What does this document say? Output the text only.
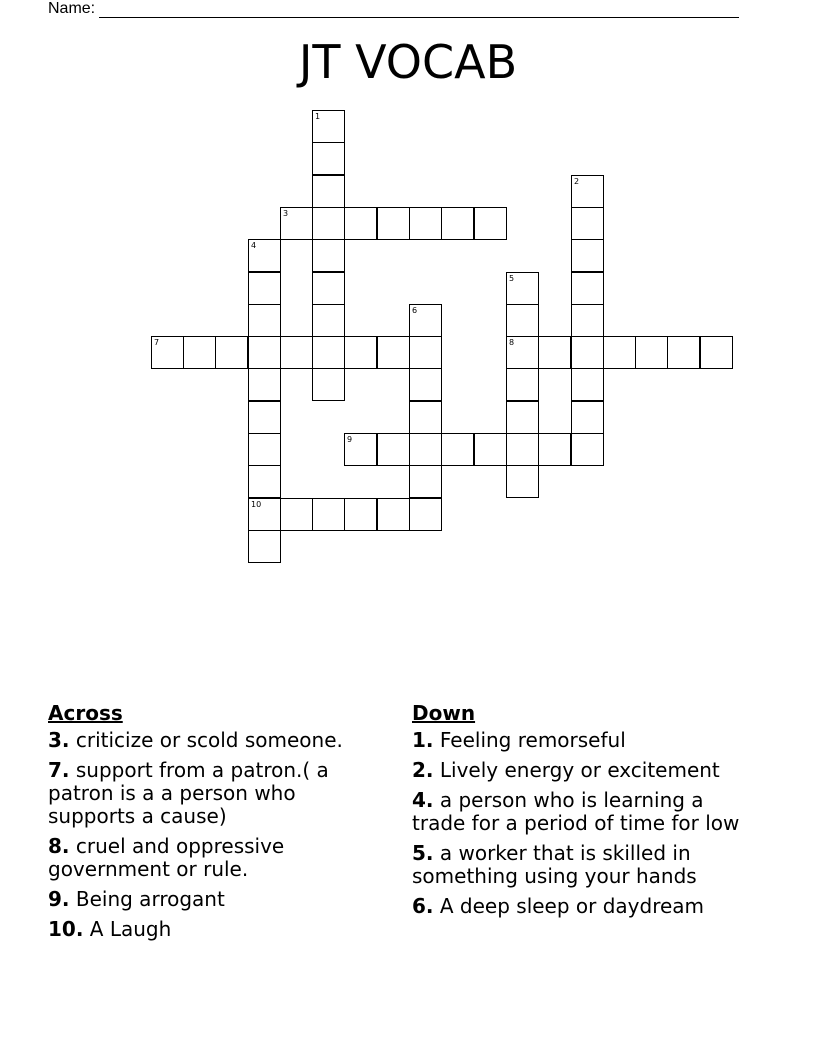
Name:
JT VOCAB
1
2
3
4
5
6
7	8
9
10
Across
3. criticize or scold someone.
7. support from a patron.( a patron is a a person who supports a cause)
8. cruel and oppressive government or rule.
9. Being arrogant
10. A Laugh
Down
1. Feeling remorseful
2. Lively energy or excitement
4. a person who is learning a trade for a period of time for low
5. a worker that is skilled in something using your hands
6. A deep sleep or daydream
